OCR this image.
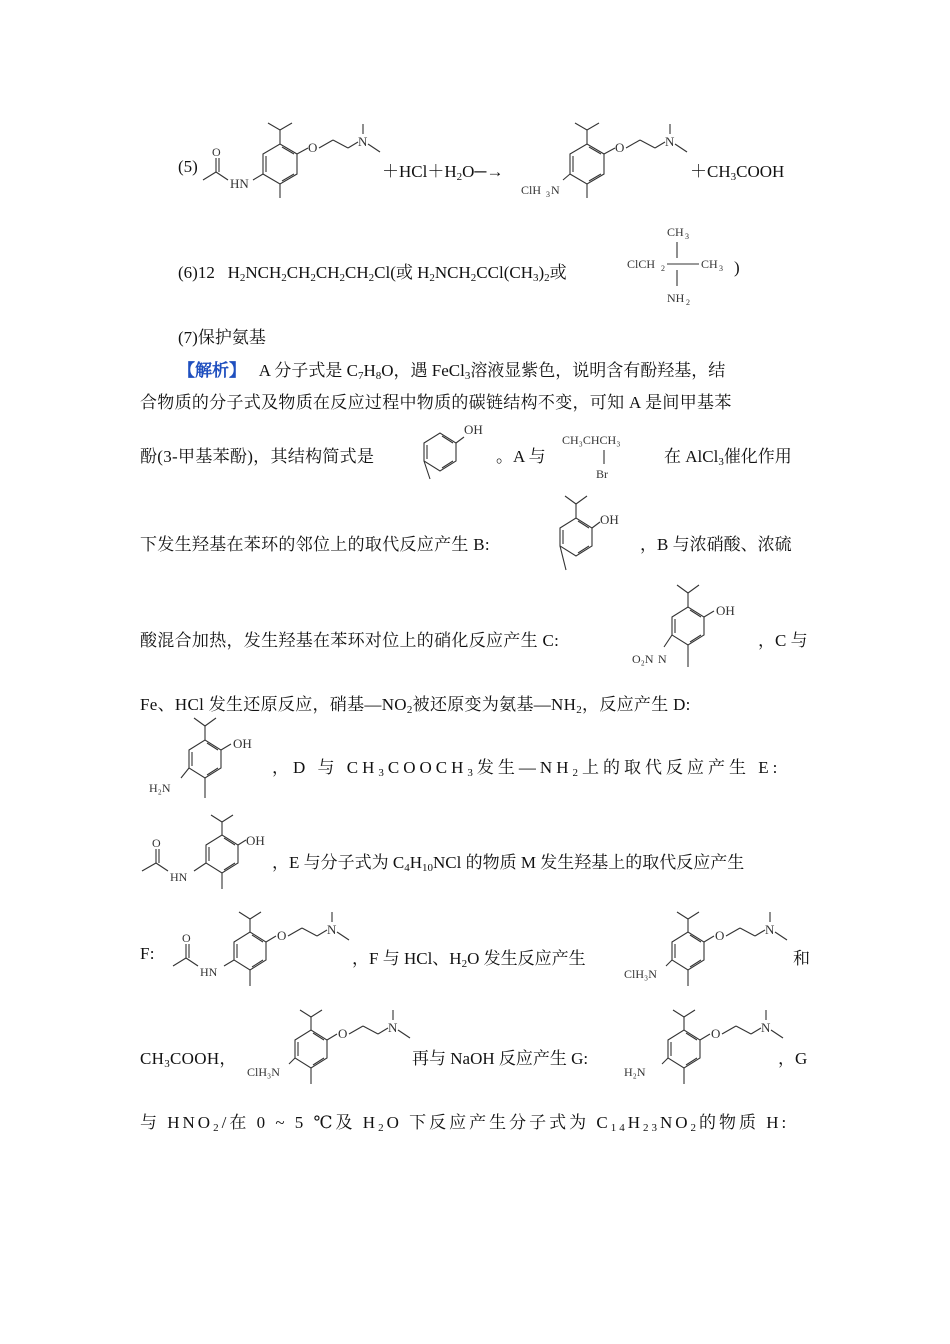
(5)
O	N
HN
O
$+HCl+H_2O─\to$
O	N
ClH 3 N
$+CH_3COOH$
(6)12 $H_2NCH_2CH_2CH_2CH_2Cl$(或 $H_2NCH_2CCl(CH_3)_2$或
CH 3
ClCH 2	CH 3
NH 2
)
(7)保护氨基
【解析】 A 分子式是 $C_7H_8O$，遇 FeCl$_3$溶液显紫色，说明含有酚羟基，结
合物质的分子式及物质在反应过程中物质的碳链结构不变，可知 A 是间甲基苯
酚(3-甲基苯酚)，其结构简式是
OH
。A 与
CH₃CHCH₃
Br
在 AlCl$_3$催化作用
下发生羟基在苯环的邻位上的取代反应产生 B:
OH
，B 与浓硝酸、浓硫
酸混合加热，发生羟基在苯环对位上的硝化反应产生 C:
OH
O₂N N
，C 与
Fe、HCl 发生还原反应，硝基$—NO_2$被还原变为氨基$—NH_2$，反应产生 D:
OH
H₂N
，D 与 $CH_3COOCH_3$发生$—NH_2$上的取代反应产生 E:
OH
HN
O
，E 与分子式为 $C_4H_{10}NCl$ 的物质 M 发生羟基上的取代反应产生
F:
O	N
HN
O
，F 与 HCl、$H_2O$ 发生反应产生
O	N
ClH₃N
和
$CH_3COOH$，
O	N
ClH₃N
再与 NaOH 反应产生 G:
O	N
H₂N
，G
与 $HNO_2/$在 0 ~ 5 ℃及 $H_2O$ 下反应产生分子式为 $C_{14}H_{23}NO_2$的物质 H:
